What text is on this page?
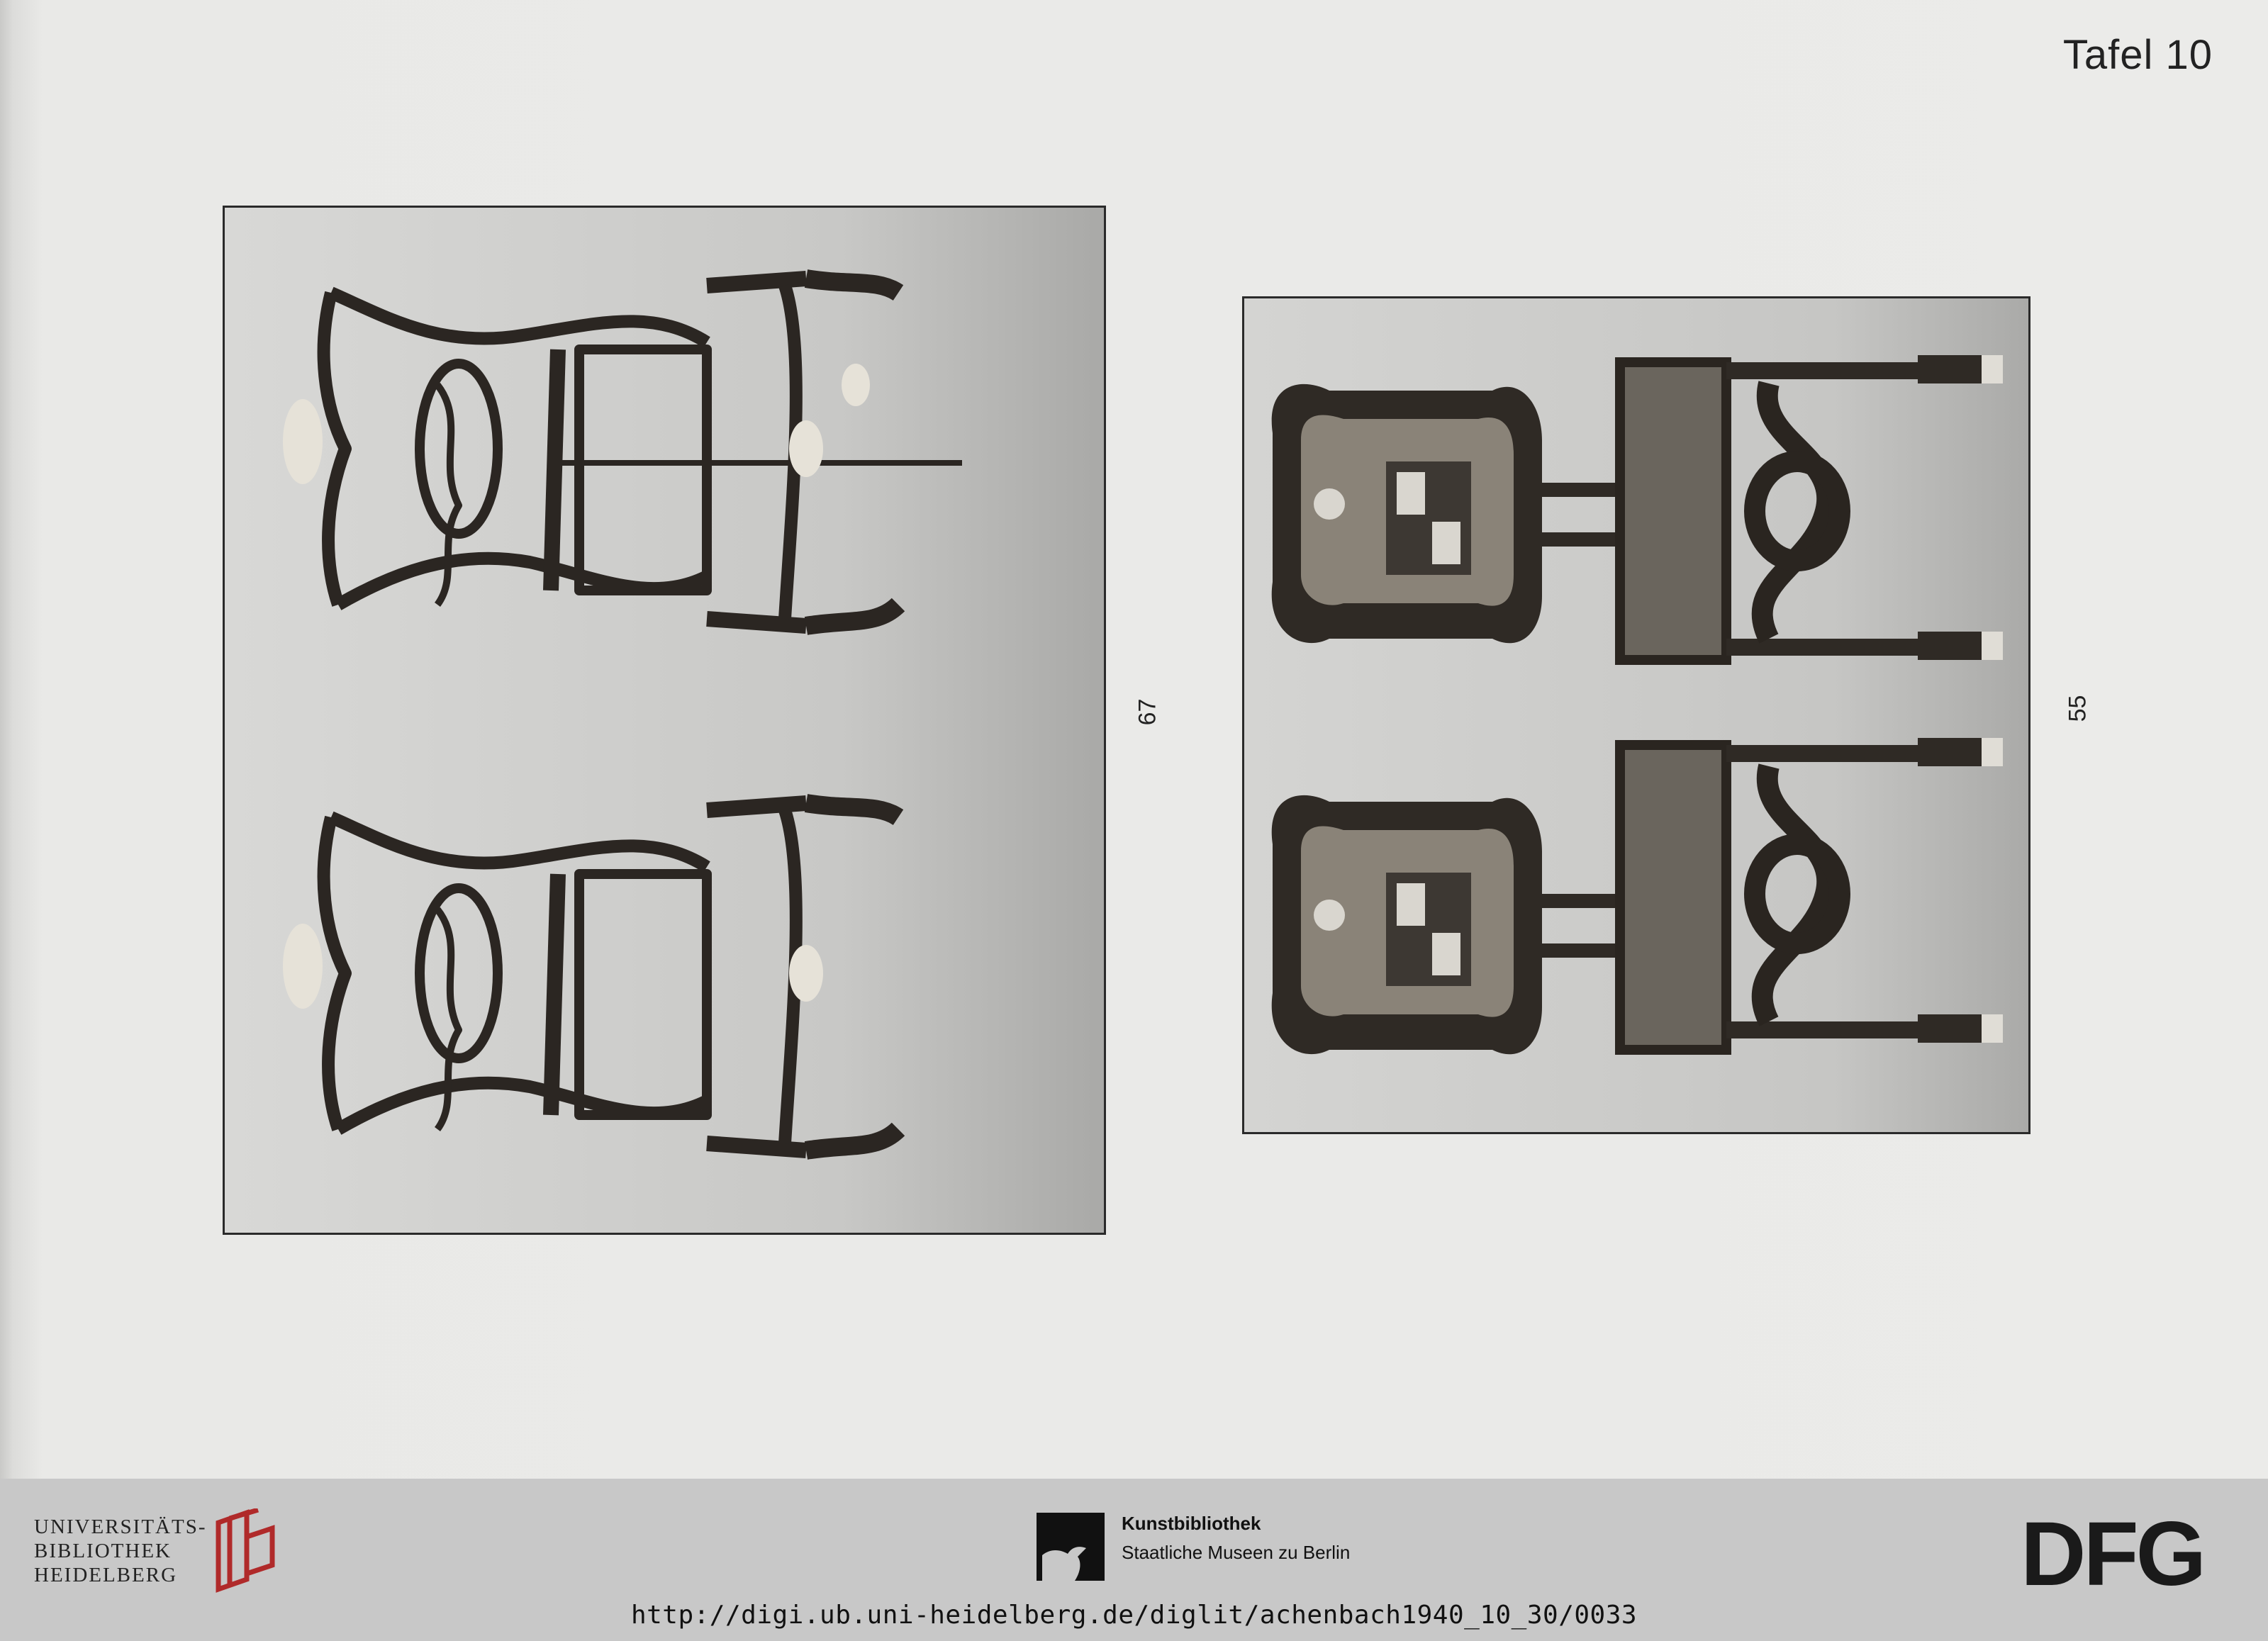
Tafel 10
67	55
UNIVERSITÄTS-
BIBLIOTHEK
HEIDELBERG
Kunstbibliothek
Staatliche Museen zu Berlin	DFG
http://digi.ub.uni-heidelberg.de/diglit/achenbach1940_10_30/0033
